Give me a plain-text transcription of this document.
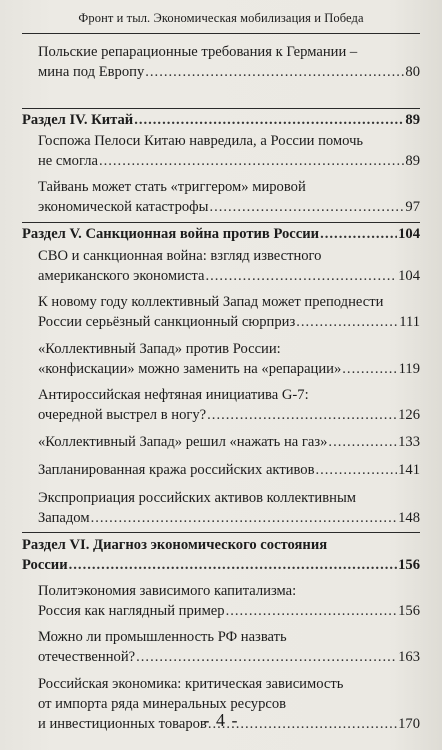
Фронт и тыл. Экономическая мобилизация и Победа
Польские репарационные требования к Германии –
мина под Европу .....	80
Раздел IV. Китай .....	89
Госпожа Пелоси Китаю навредила, а России помочь
не смогла .....	89
Тайвань может стать «триггером» мировой
экономической катастрофы .....	97
Раздел V. Санкционная война против России .....	104
СВО и санкционная война: взгляд известного
американского экономиста .....	104
К новому году коллективный Запад может преподнести
России серьёзный санкционный сюрприз .....	111
«Коллективный Запад» против России:
«конфискации» можно заменить на «репарации» .....	119
Антироссийская нефтяная инициатива G-7:
очередной выстрел в ногу? .....	126
«Коллективный Запад» решил «нажать на газ» .....	133
Запланированная кража российских активов .....	141
Экспроприация российских активов коллективным
Западом .....	148
Раздел VI. Диагноз экономического состояния
России .....	156
Политэкономия зависимого капитализма:
Россия как наглядный пример .....	156
Можно ли промышленность РФ назвать
отечественной? .....	163
Российская экономика: критическая зависимость
от импорта ряда минеральных ресурсов
и инвестиционных товаров .....	170
- 4 -
